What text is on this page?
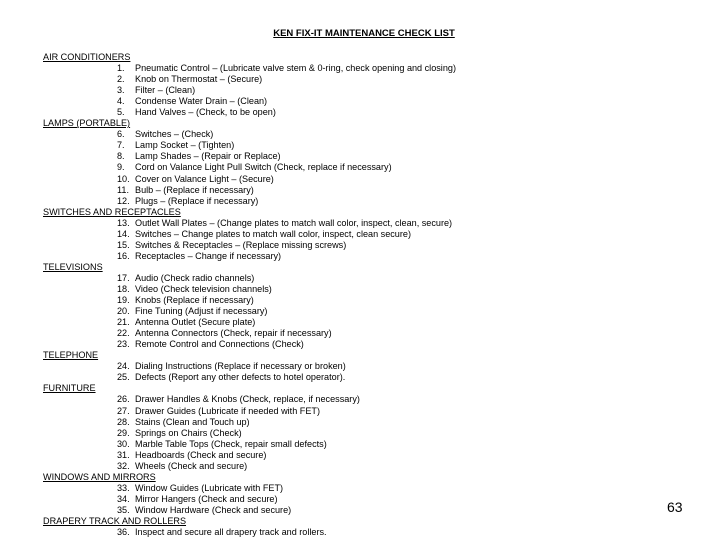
KEN FIX-IT MAINTENANCE CHECK LIST
AIR CONDITIONERS
1. Pneumatic Control – (Lubricate valve stem & 0-ring, check opening and closing)
2. Knob on Thermostat – (Secure)
3. Filter – (Clean)
4. Condense Water Drain – (Clean)
5. Hand Valves – (Check, to be open)
LAMPS (PORTABLE)
6. Switches – (Check)
7. Lamp Socket – (Tighten)
8. Lamp Shades – (Repair or Replace)
9. Cord on Valance Light Pull Switch (Check, replace if necessary)
10. Cover on Valance Light – (Secure)
11. Bulb – (Replace if necessary)
12. Plugs – (Replace if necessary)
SWITCHES AND RECEPTACLES
13. Outlet Wall Plates – (Change plates to match wall color, inspect, clean, secure)
14. Switches – Change plates to match wall color, inspect, clean secure)
15. Switches & Receptacles – (Replace missing screws)
16. Receptacles – Change if necessary)
TELEVISIONS
17. Audio (Check radio channels)
18. Video (Check television channels)
19. Knobs (Replace if necessary)
20. Fine Tuning (Adjust if necessary)
21. Antenna Outlet (Secure plate)
22. Antenna Connectors (Check, repair if necessary)
23. Remote Control and Connections (Check)
TELEPHONE
24. Dialing Instructions (Replace if necessary or broken)
25. Defects (Report any other defects to hotel operator).
FURNITURE
26. Drawer Handles & Knobs (Check, replace, if necessary)
27. Drawer Guides (Lubricate if needed with FET)
28. Stains (Clean and Touch up)
29. Springs on Chairs (Check)
30. Marble Table Tops (Check, repair small defects)
31. Headboards (Check and secure)
32. Wheels (Check and secure)
WINDOWS AND MIRRORS
33. Window Guides (Lubricate with FET)
34. Mirror Hangers (Check and secure)
35. Window Hardware (Check and secure)
DRAPERY TRACK AND ROLLERS
36. Inspect and secure all drapery track and rollers.
63
